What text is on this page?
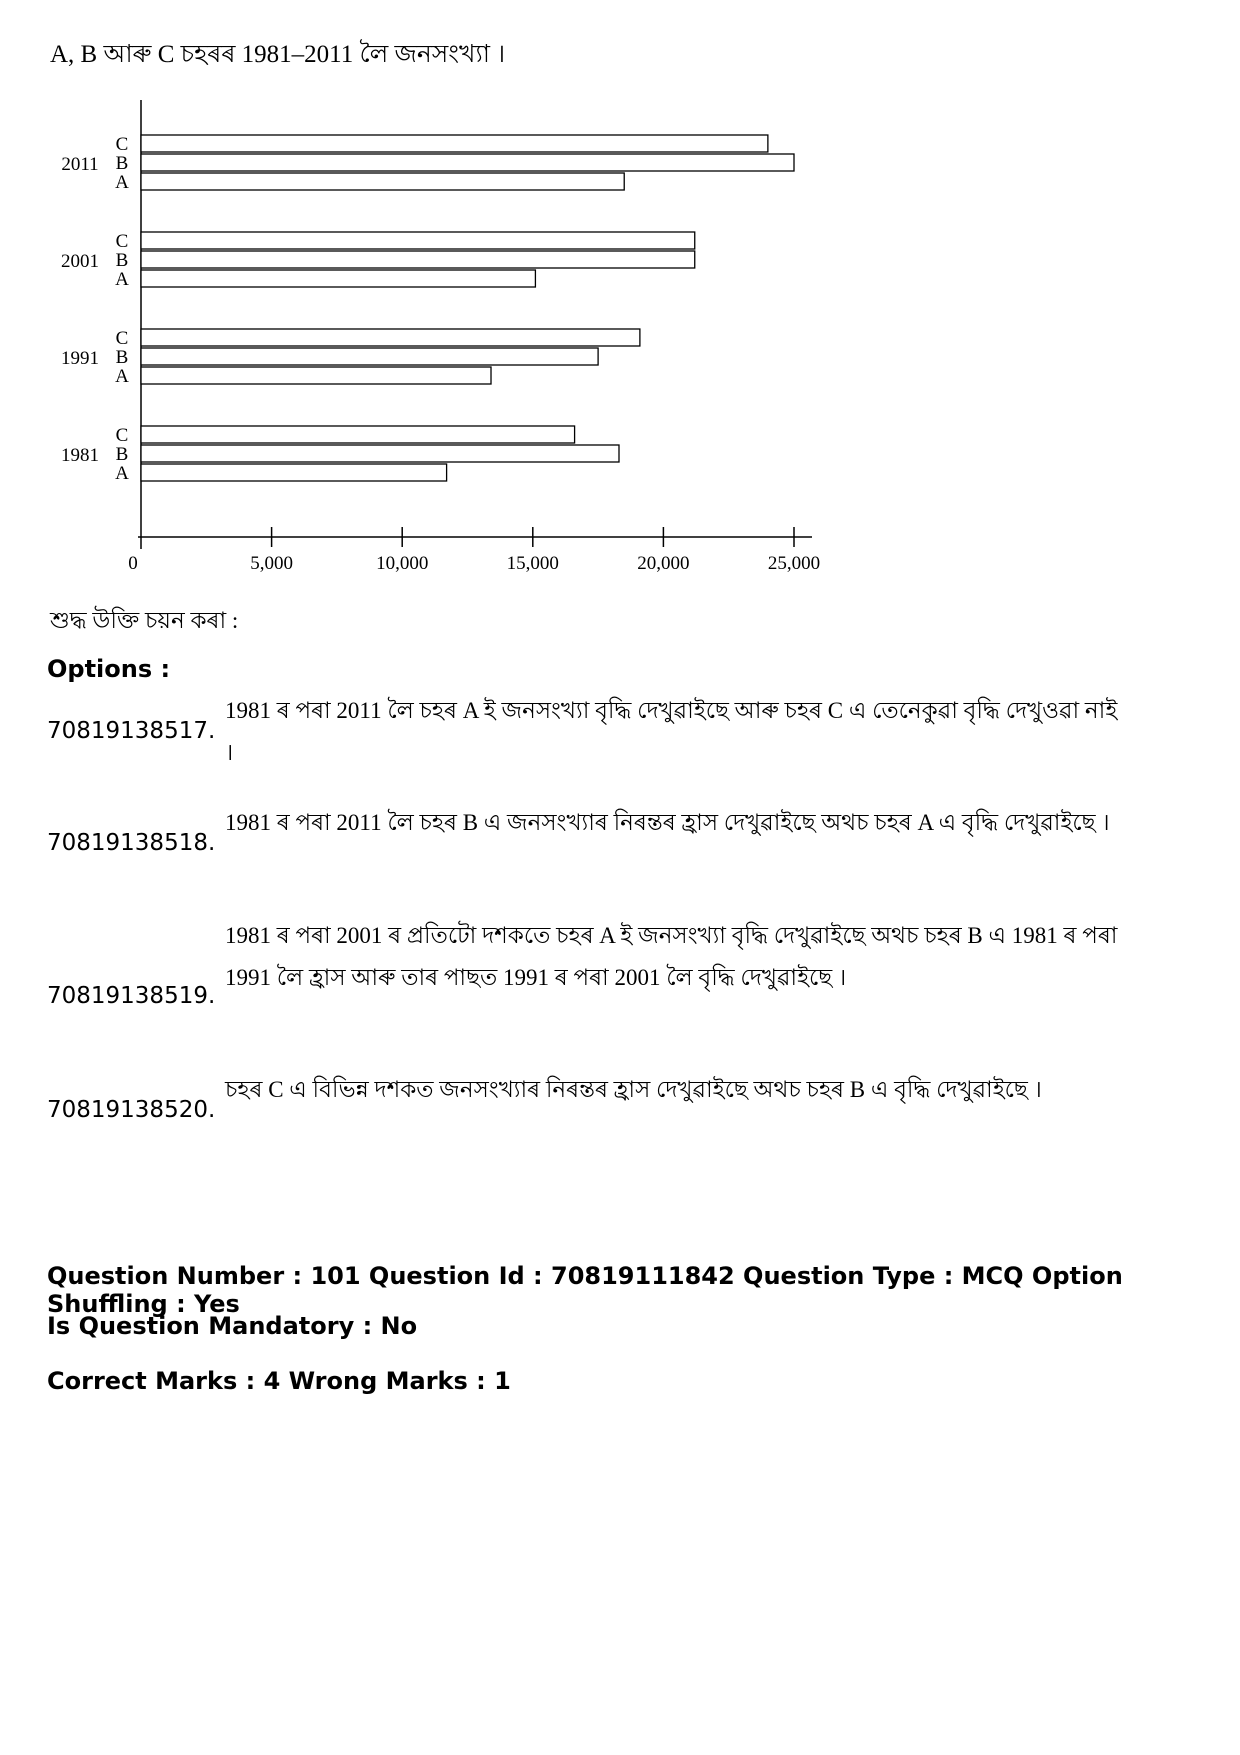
A, B আৰু C চহৰৰ 1981–2011 লৈ জনসংখ্যা ।
0	5,000	10,000	15,000	20,000	25,000
C
B
A
2011
C
B
A
2001
C
B
A
1991
C
B
A
1981
শুদ্ধ উক্তি চয়ন কৰা :
Options :
70819138517.
1981 ৰ পৰা 2011 লৈ চহৰ A ই জনসংখ্যা বৃদ্ধি দেখুৱাইছে আৰু চহৰ C এ তেনেকুৱা বৃদ্ধি দেখুওৱা নাই ।
70819138518.
1981 ৰ পৰা 2011 লৈ চহৰ B এ জনসংখ্যাৰ নিৰন্তৰ হ্ৰাস দেখুৱাইছে অথচ চহৰ A এ বৃদ্ধি দেখুৱাইছে ।
70819138519.
1981 ৰ পৰা 2001 ৰ প্ৰতিটো দশকতে চহৰ A ই জনসংখ্যা বৃদ্ধি দেখুৱাইছে অথচ চহৰ B এ 1981 ৰ পৰা 1991 লৈ হ্ৰাস আৰু তাৰ পাছত 1991 ৰ পৰা 2001 লৈ বৃদ্ধি দেখুৱাইছে ।
70819138520.
চহৰ C এ বিভিন্ন দশকত জনসংখ্যাৰ নিৰন্তৰ হ্ৰাস দেখুৱাইছে অথচ চহৰ B এ বৃদ্ধি দেখুৱাইছে ।
Question Number : 101 Question Id : 70819111842 Question Type : MCQ Option Shuffling : Yes
Is Question Mandatory : No
Correct Marks : 4 Wrong Marks : 1
